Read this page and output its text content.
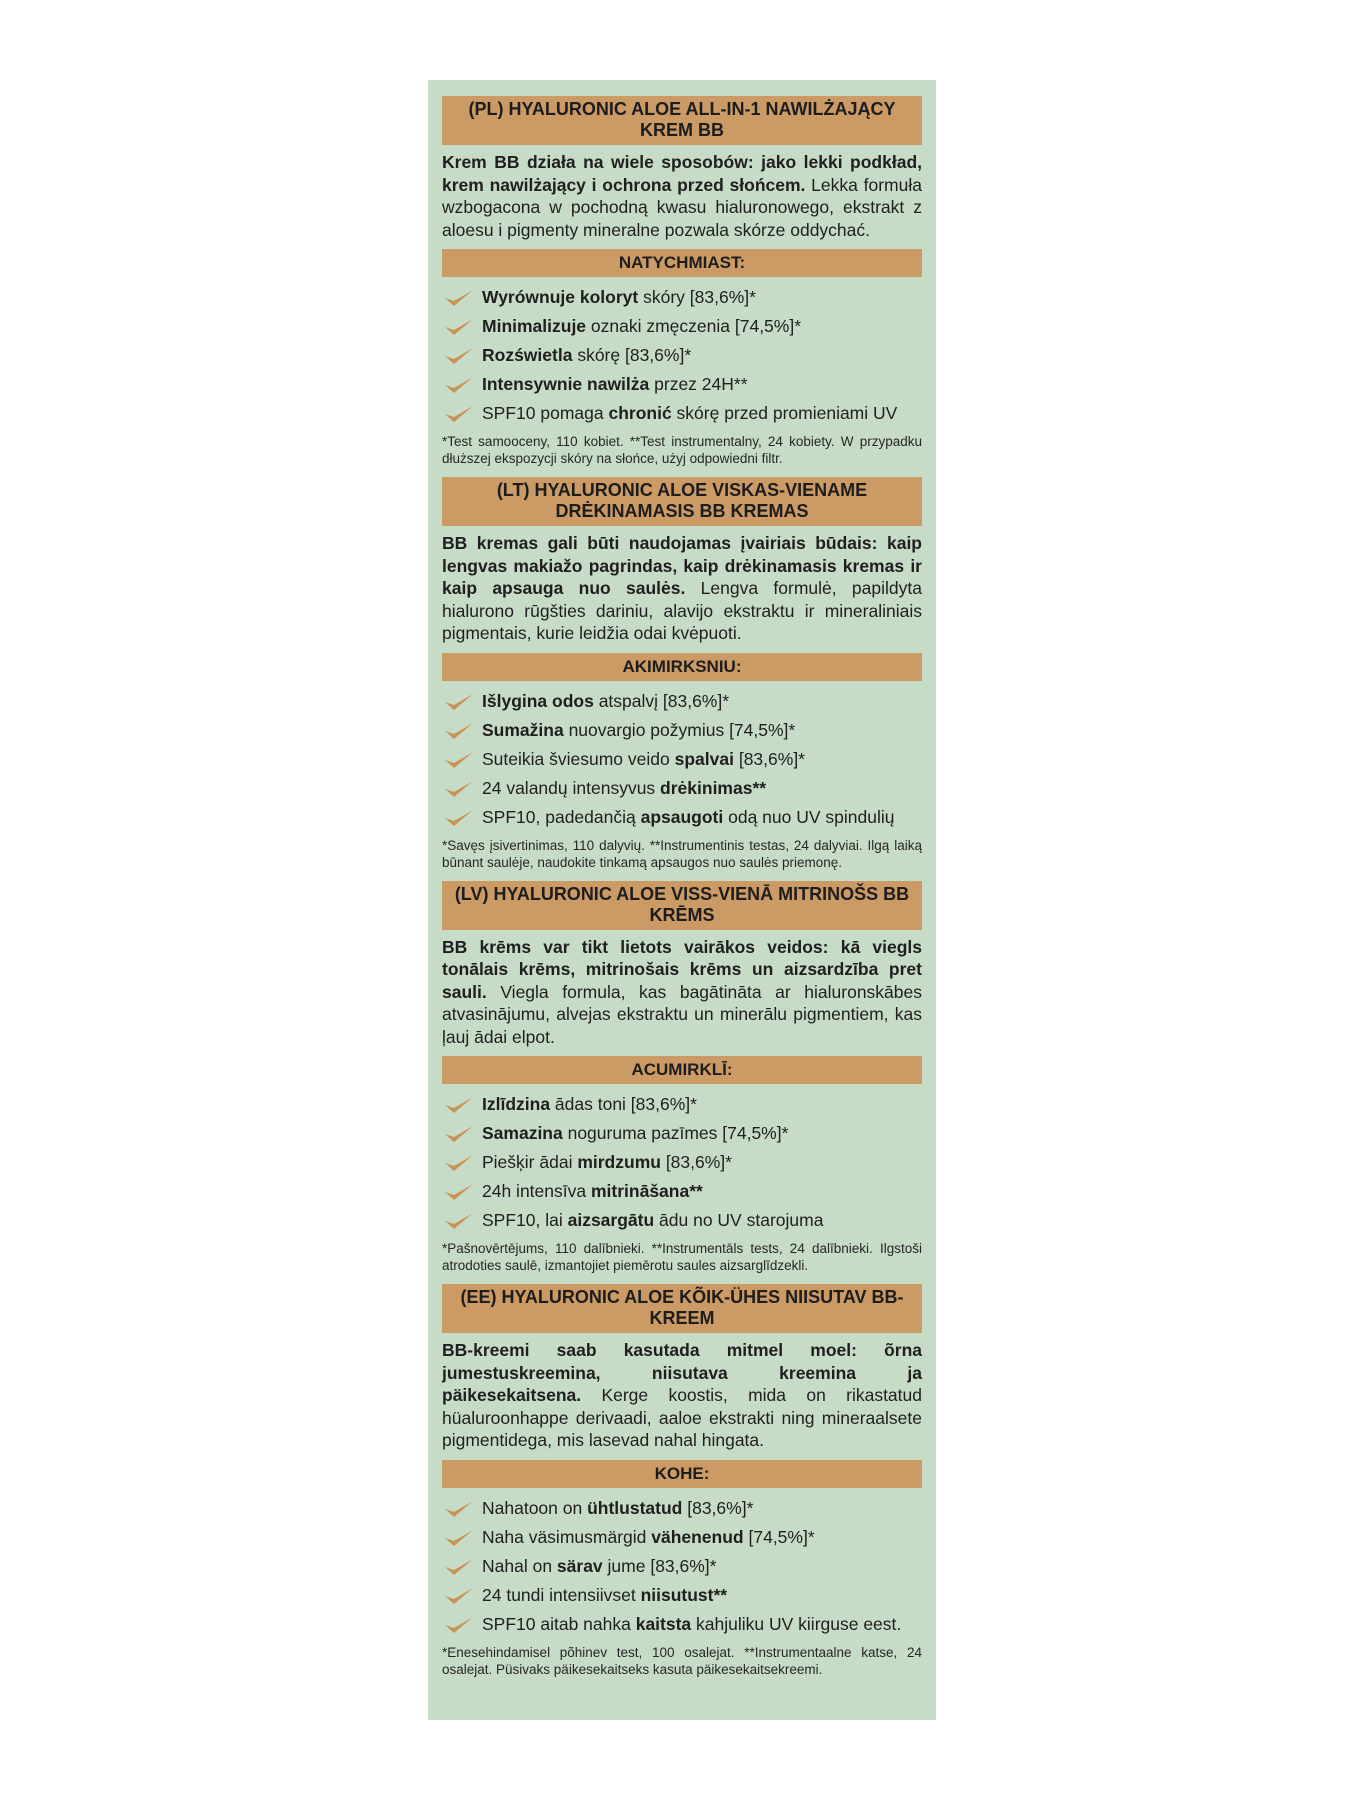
(PL) HYALURONIC ALOE ALL-IN-1 NAWILŻAJĄCY KREM BB
Krem BB działa na wiele sposobów: jako lekki podkład, krem nawilżający i ochrona przed słońcem. Lekka formuła wzbogacona w pochodną kwasu hialuronowego, ekstrakt z aloesu i pigmenty mineralne pozwala skórze oddychać.
NATYCHMIAST:
Wyrównuje koloryt skóry [83,6%]*
Minimalizuje oznaki zmęczenia [74,5%]*
Rozświetla skórę [83,6%]*
Intensywnie nawilża przez 24H**
SPF10 pomaga chronić skórę przed promieniami UV
*Test samooceny, 110 kobiet. **Test instrumentalny, 24 kobiety. W przypadku dłuższej ekspozycji skóry na słońce, użyj odpowiedni filtr.
(LT) HYALURONIC ALOE VISKAS-VIENAME DRĖKINAMASIS BB KREMAS
BB kremas gali būti naudojamas įvairiais būdais: kaip lengvas makiažo pagrindas, kaip drėkinamasis kremas ir kaip apsauga nuo saulės. Lengva formulė, papildyta hialurono rūgšties dariniu, alavijo ekstraktu ir mineraliniais pigmentais, kurie leidžia odai kvėpuoti.
AKIMIRKSNIU:
Išlygina odos atspalvį [83,6%]*
Sumažina nuovargio požymius [74,5%]*
Suteikia šviesumo veido spalvai [83,6%]*
24 valandų intensyvus drėkinimas**
SPF10, padedančią apsaugoti odą nuo UV spindulių
*Savęs įsivertinimas, 110 dalyvių. **Instrumentinis testas, 24 dalyviai. Ilgą laiką būnant saulėje, naudokite tinkamą apsaugos nuo saulės priemonę.
(LV) HYALURONIC ALOE VISS-VIENĀ MITRINOŠS BB KRĒMS
BB krēms var tikt lietots vairākos veidos: kā viegls tonālais krēms, mitrinošais krēms un aizsardzība pret sauli. Viegla formula, kas bagātināta ar hialuronskābes atvasinājumu, alvejas ekstraktu un minerālu pigmentiem, kas ļauj ādai elpot.
ACUMIRKLĪ:
Izlīdzina ādas toni [83,6%]*
Samazina noguruma pazīmes [74,5%]*
Piešķir ādai mirdzumu [83,6%]*
24h intensīva mitrināšana**
SPF10, lai aizsargātu ādu no UV starojuma
*Pašnovērtējums, 110 dalībnieki. **Instrumentāls tests, 24 dalībnieki. Ilgstoši atrodoties saulē, izmantojiet piemērotu saules aizsarglīdzekli.
(EE) HYALURONIC ALOE KÕIK-ÜHES NIISUTAV BB-KREEM
BB-kreemi saab kasutada mitmel moel: õrna jumestuskreemina, niisutava kreemina ja päikesekaitsena. Kerge koostis, mida on rikastatud hüaluroonhappe derivaadi, aaloe ekstrakti ning mineraalsete pigmentidega, mis lasevad nahal hingata.
KOHE:
Nahatoon on ühtlustatud [83,6%]*
Naha väsimusmärgid vähenenud [74,5%]*
Nahal on särav jume [83,6%]*
24 tundi intensiivset niisutust**
SPF10 aitab nahka kaitsta kahjuliku UV kiirguse eest.
*Enesehindamisel põhinev test, 100 osalejat. **Instrumentaalne katse, 24 osalejat. Püsivaks päikesekaitseks kasuta päikesekaitsekreemi.
